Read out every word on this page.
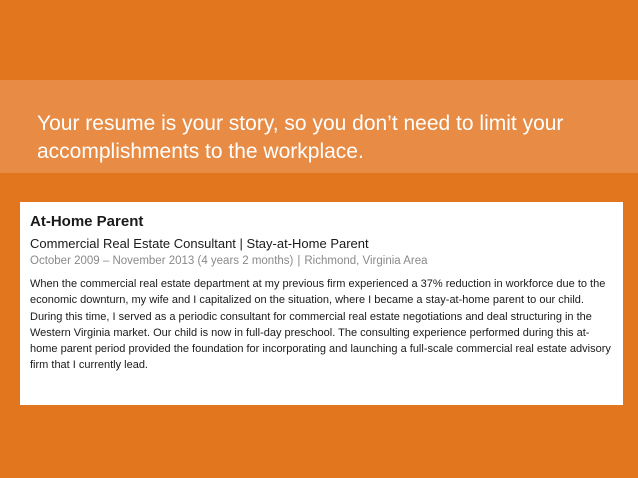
Your resume is your story, so you don’t need to limit your accomplishments to the workplace.
At-Home Parent
Commercial Real Estate Consultant | Stay-at-Home Parent
October 2009 – November 2013 (4 years 2 months) | Richmond, Virginia Area

When the commercial real estate department at my previous firm experienced a 37% reduction in workforce due to the economic downturn, my wife and I capitalized on the situation, where I became a stay-at-home parent to our child. During this time, I served as a periodic consultant for commercial real estate negotiations and deal structuring in the Western Virginia market. Our child is now in full-day preschool. The consulting experience performed during this at-home parent period provided the foundation for incorporating and launching a full-scale commercial real estate advisory firm that I currently lead.
